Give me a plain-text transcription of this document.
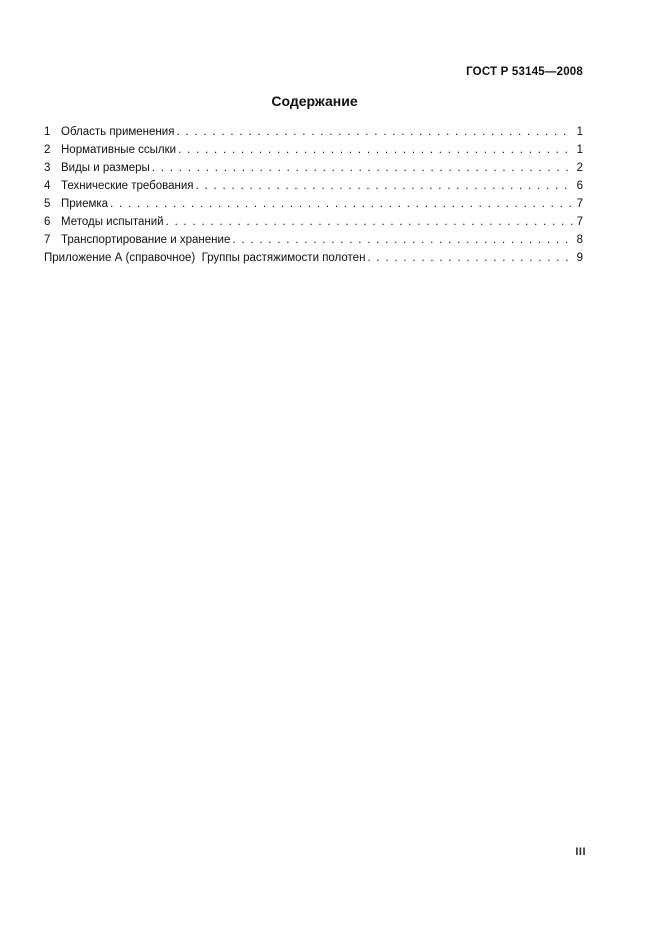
ГОСТ Р 53145—2008
Содержание
1 Область применения . . .	1
2 Нормативные ссылки . . .	1
3 Виды и размеры . . .	2
4 Технические требования . . .	6
5 Приемка . . .	7
6 Методы испытаний . . .	7
7 Транспортирование и хранение . . .	8
Приложение А (справочное)  Группы растяжимости полотен . . .	9
III
